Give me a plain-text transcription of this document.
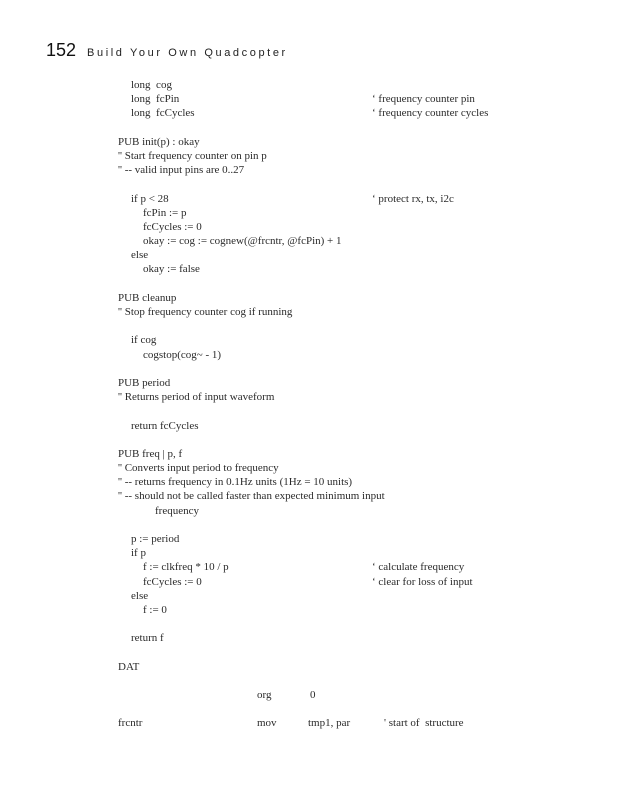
152 Build Your Own Quadcopter
long  cog
long  fcPin	‘ frequency counter pin
long  fcCycles	‘ frequency counter cycles
PUB init(p) : okay
'' Start frequency counter on pin p
'' -- valid input pins are 0..27
if p < 28	‘ protect rx, tx, i2c
fcPin := p
fcCycles := 0
okay := cog := cognew(@frcntr, @fcPin) + 1
else
okay := false
PUB cleanup
'' Stop frequency counter cog if running
if cog
cogstop(cog~ - 1)
PUB period
'' Returns period of input waveform
return fcCycles
PUB freq | p, f
'' Converts input period to frequency
'' -- returns frequency in 0.1Hz units (1Hz = 10 units)
'' -- should not be called faster than expected minimum input
frequency
p := period
if p
f := clkfreq * 10 / p	‘ calculate frequency
fcCycles := 0	‘ clear for loss of input
else
f := 0
return f
DAT
org	0
frcntr	mov	tmp1, par	' start of  structure
